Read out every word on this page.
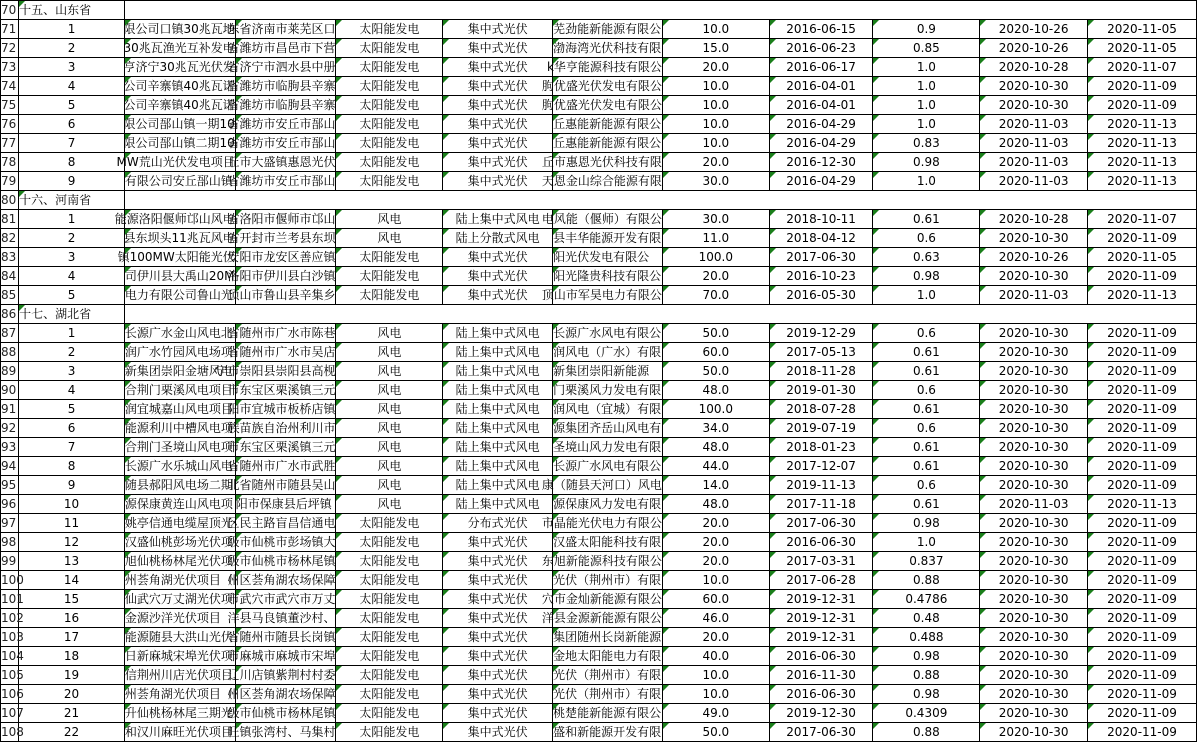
70	十五、山东省										
71	1	限公司口镇30兆瓦地	东省济南市莱芜区口	太阳能发电	集中式光伏	芜劲能新能源有限公	10.0	2016-06-15	0.9	2020-10-26	2020-11-05
72	2	30兆瓦渔光互补发电	省潍坊市昌邑市下营	太阳能发电	集中式光伏	渤海湾光伏科技有限	15.0	2016-06-23	0.85	2020-10-26	2020-11-05
73	3	亨济宁30兆瓦光伏发	省济宁市泗水县中册	太阳能发电	集中式光伏	k华亨能源科技有限公	20.0	2016-06-17	1.0	2020-10-28	2020-11-07
74	4	公司辛寨镇40兆瓦诺	省潍坊市临朐县辛寨	太阳能发电	集中式光伏	朐优盛光伏发电有限公	10.0	2016-04-01	1.0	2020-10-30	2020-11-09
75	5	公司辛寨镇40兆瓦诺	省潍坊市临朐县辛寨	太阳能发电	集中式光伏	朐优盛光伏发电有限公	10.0	2016-04-01	1.0	2020-10-30	2020-11-09
76	6	限公司郚山镇一期10	省潍坊市安丘市郚山	太阳能发电	集中式光伏	丘惠能新能源有限公	10.0	2016-04-29	1.0	2020-11-03	2020-11-13
77	7	限公司郚山镇二期10	省潍坊市安丘市郚山	太阳能发电	集中式光伏	丘惠能新能源有限公	10.0	2016-04-29	0.83	2020-11-03	2020-11-13
78	8	MW荒山光伏发电项目	丘市大盛镇惠恩光伏	太阳能发电	集中式光伏	丘市惠恩光伏科技有限	20.0	2016-12-30	0.98	2020-11-03	2020-11-13
79	9	有限公司安丘郚山镇	省潍坊市安丘市郚山	太阳能发电	集中式光伏	天恩金山综合能源有限	30.0	2016-04-29	1.0	2020-11-03	2020-11-13
80	十六、河南省										
81	1	能源洛阳偃师邙山风电	省洛阳市偃师市邙山	风电	陆上集中式风电	电风能（偃师）有限公	30.0	2018-10-11	0.61	2020-10-28	2020-11-07
82	2	县东坝头11兆瓦风电	省开封市兰考县东坝	风电	陆上分散式风电	县丰华能源开发有限	11.0	2018-04-12	0.6	2020-10-30	2020-11-09
83	3	镇100MW太阳能光伏	安阳市龙安区善应镇	太阳能发电	集中式光伏	阳光伏发电有限公	100.0	2017-06-30	0.63	2020-10-26	2020-11-05
84	4	司伊川县大禹山20M	洛阳市伊川县白沙镇	太阳能发电	集中式光伏	阳光隆贵科技有限公	20.0	2016-10-23	0.98	2020-10-30	2020-11-09
85	5	电力有限公司鲁山光	顶山市鲁山县辛集乡	太阳能发电	集中式光伏	顶山市军昊电力有限公	70.0	2016-05-30	1.0	2020-11-03	2020-11-13
86	十七、湖北省										
87	1	长源广水金山风电北	省随州市广水市陈巷	风电	陆上集中式风电	长源广水风电有限公	50.0	2019-12-29	0.6	2020-10-30	2020-11-09
88	2	润广水竹园风电场项	省随州市广水市吴店	风电	陆上集中式风电	润风电（广水）有限	60.0	2017-05-13	0.61	2020-10-30	2020-11-09
89	3	新集团崇阳金塘风电	宁市崇阳县崇阳县高枧	风电	陆上集中式风电	新集团崇阳新能源	50.0	2018-11-28	0.61	2020-10-30	2020-11-09
90	4	合荆门栗溪风电项目	市东宝区栗溪镇三元	风电	陆上集中式风电	门栗溪风力发电有限	48.0	2019-01-30	0.6	2020-10-30	2020-11-09
91	5	润宜城嘉山风电项目	阳市宜城市板桥店镇	风电	陆上集中式风电	润风电（宜城）有限	100.0	2018-07-28	0.61	2020-10-30	2020-11-09
92	6	能源利川中槽风电项	族苗族自治州利川市	风电	陆上集中式风电	源集团齐岳山风电有	34.0	2019-07-19	0.6	2020-10-30	2020-11-09
93	7	合荆门圣境山风电项	市东宝区栗溪镇三元	风电	陆上集中式风电	圣境山风力发电有限	48.0	2018-01-23	0.61	2020-10-30	2020-11-09
94	8	长源广水乐城山风电	省随州市广水市武胜	风电	陆上集中式风电	长源广水风电有限公	44.0	2017-12-07	0.61	2020-10-30	2020-11-09
95	9	随县郝阳风电场二期	北省随州市随县吴山	风电	陆上集中式风电	康（随县天河口）风电	14.0	2019-11-13	0.6	2020-10-30	2020-11-09
96	10	源保康黄连山风电项	阳市保康县后坪镇	风电	陆上集中式风电	源保康风力发电有限	48.0	2017-11-18	0.61	2020-11-03	2020-11-13
97	11	姚亭信通电缆屋顶光	区民主路盲昌信通电	太阳能发电	分布式光伏	市晶能光伏电力有限公	20.0	2017-06-30	0.98	2020-10-30	2020-11-09
98	12	汉盛仙桃彭场光伏项	级市仙桃市彭场镇大	太阳能发电	集中式光伏	汉盛太阳能科技有限	20.0	2016-06-30	1.0	2020-10-30	2020-11-09
99	13	旭仙桃杨林尾光伏项	级市仙桃市杨林尾镇	太阳能发电	集中式光伏	东旭新能源科技有限公	20.0	2017-03-31	0.837	2020-10-30	2020-11-09
100	14	州荟角湖光伏项目（	州区荟角湖农场保障	太阳能发电	集中式光伏	光伏（荆州市）有限	10.0	2017-06-28	0.88	2020-10-30	2020-11-09
101	15	仙武穴万丈湖光伏项	市武穴市武穴市万丈	太阳能发电	集中式光伏	穴市金灿新能源有限公	60.0	2019-12-31	0.4786	2020-10-30	2020-11-09
102	16	金源沙洋光伏项目	洋县马良镇董沙村、	太阳能发电	集中式光伏	洋县金源新能源有限公	46.0	2019-12-31	0.48	2020-10-30	2020-11-09
103	17	能源随县大洪山光伏	省随州市随县长岗镇	太阳能发电	集中式光伏	集团随州长岗新能源	20.0	2019-12-31	0.488	2020-10-30	2020-11-09
104	18	日新麻城宋埠光伏项	市麻城市麻城市宋埠	太阳能发电	集中式光伏	金地太阳能电力有限	40.0	2016-06-30	0.98	2020-10-30	2020-11-09
105	19	信荆州川店光伏项目	辽川店镇紫荆村村委	太阳能发电	集中式光伏	光伏（荆州市）有限	10.0	2016-11-30	0.88	2020-10-30	2020-11-09
106	20	州荟角湖光伏项目（	州区荟角湖农场保障	太阳能发电	集中式光伏	光伏（荆州市）有限	10.0	2016-06-30	0.98	2020-10-30	2020-11-09
107	21	升仙桃杨林尾三期光	级市仙桃市杨林尾镇	太阳能发电	集中式光伏	桃楚能新能源有限公	49.0	2019-12-30	0.4309	2020-10-30	2020-11-09
108	22	和汉川麻旺光伏项目	旺镇张湾村、马集村	太阳能发电	集中式光伏	盛和新能源开发有限	50.0	2017-06-30	0.88	2020-10-30	2020-11-09
